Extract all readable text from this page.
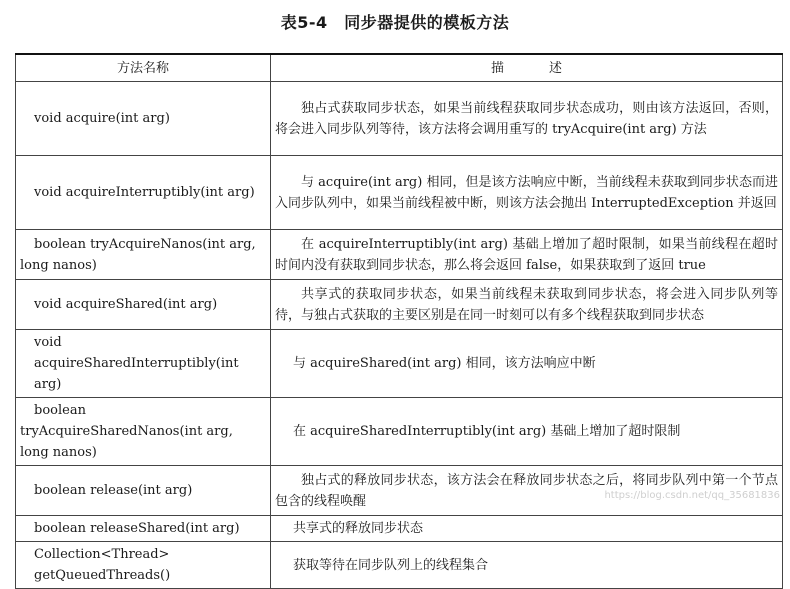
表5-4　同步器提供的模板方法
方法名称	描　述
void acquire(int arg)	独占式获取同步状态，如果当前线程获取同步状态成功，则由该方法返回，否则，将会进入同步队列等待，该方法将会调用重写的 tryAcquire(int arg) 方法
void acquireInterruptibly(int arg)	与 acquire(int arg) 相同，但是该方法响应中断，当前线程未获取到同步状态而进入同步队列中，如果当前线程被中断，则该方法会抛出 InterruptedException 并返回
boolean tryAcquireNanos(int arg, long nanos)	在 acquireInterruptibly(int arg) 基础上增加了超时限制，如果当前线程在超时时间内没有获取到同步状态，那么将会返回 false，如果获取到了返回 true
void acquireShared(int arg)	共享式的获取同步状态，如果当前线程未获取到同步状态，将会进入同步队列等待，与独占式获取的主要区别是在同一时刻可以有多个线程获取到同步状态
void acquireSharedInterruptibly(int arg)	与 acquireShared(int arg) 相同，该方法响应中断
boolean tryAcquireSharedNanos(int arg, long nanos)	在 acquireSharedInterruptibly(int arg) 基础上增加了超时限制
boolean release(int arg)	独占式的释放同步状态，该方法会在释放同步状态之后，将同步队列中第一个节点包含的线程唤醒
boolean releaseShared(int arg)	共享式的释放同步状态
Collection<Thread> getQueuedThreads()	获取等待在同步队列上的线程集合
https://blog.csdn.net/qq_35681836
